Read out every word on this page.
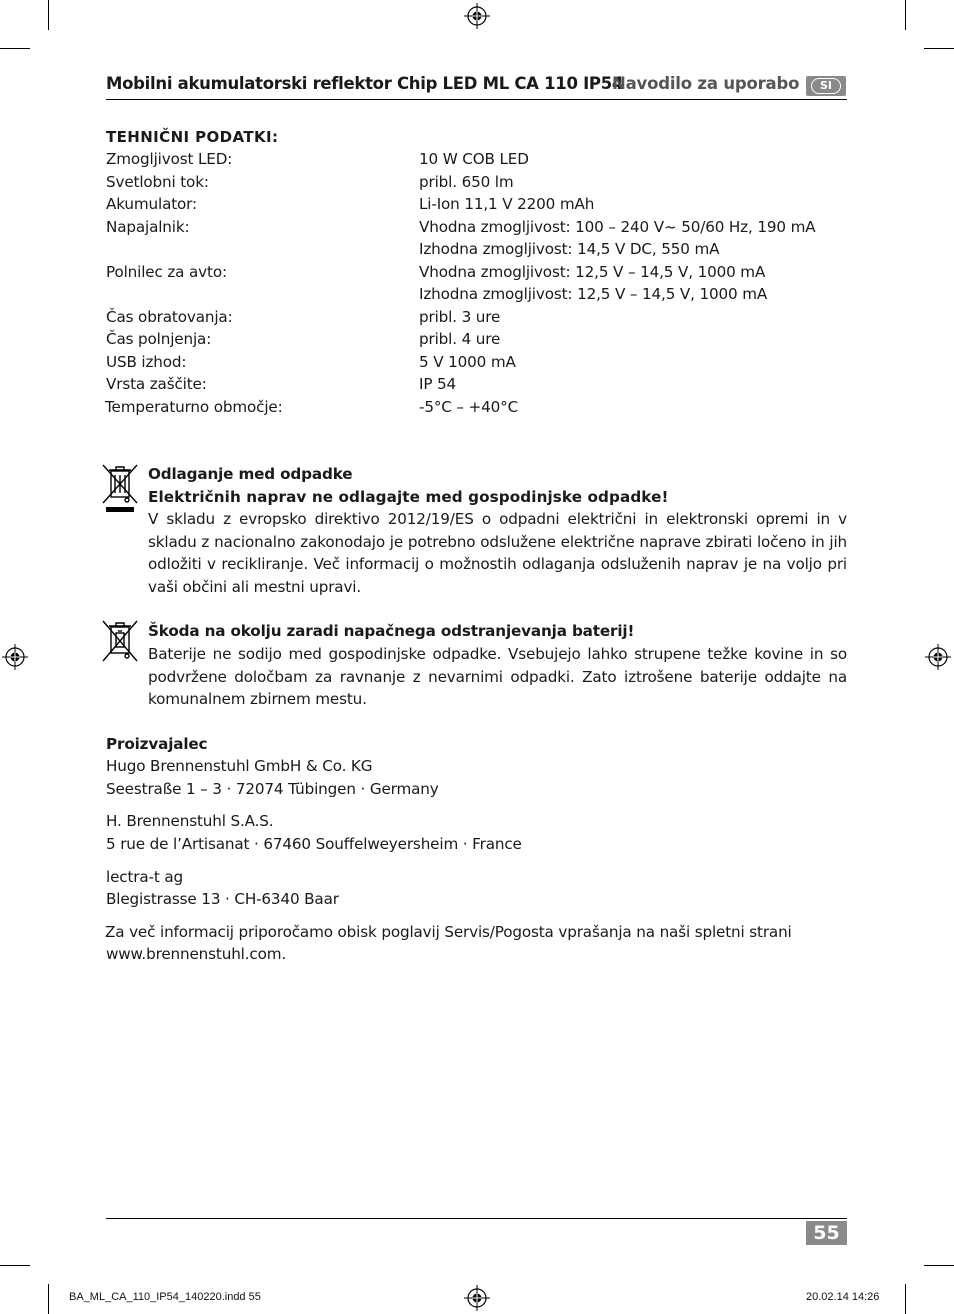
Mobilni akumulatorski reflektor Chip LED ML CA 110 IP54
Navodilo za uporabo	SI
TEHNIČNI PODATKI:
Zmogljivost LED:	10 W COB LED
Svetlobni tok:	pribl. 650 lm
Akumulator:	Li-Ion 11,1 V 2200 mAh
Napajalnik:	Vhodna zmogljivost: 100 – 240 V~ 50/60 Hz, 190 mA
Izhodna zmogljivost: 14,5 V DC, 550 mA
Polnilec za avto:	Vhodna zmogljivost: 12,5 V – 14,5 V, 1000 mA
Izhodna zmogljivost: 12,5 V – 14,5 V, 1000 mA
Čas obratovanja:	pribl. 3 ure
Čas polnjenja:	pribl. 4 ure
USB izhod:	5 V 1000 mA
Vrsta zaščite:	IP 54
Temperaturno območje:	-5°C – +40°C
Odlaganje med odpadke
Električnih naprav ne odlagajte med gospodinjske odpadke!
V skladu z evropsko direktivo 2012/19/ES o odpadni električni in elektronski opremi in v skladu z nacionalno zakonodajo je potrebno odslužene električne naprave zbirati ločeno in jih odložiti v recikliranje. Več informacij o možnostih odlaganja odsluženih naprav je na voljo pri vaši občini ali mestni upravi.
Škoda na okolju zaradi napačnega odstranjevanja baterij!
Baterije ne sodijo med gospodinjske odpadke. Vsebujejo lahko strupene težke kovine in so podvržene določbam za ravnanje z nevarnimi odpadki. Zato iztrošene baterije oddajte na komunalnem zbirnem mestu.
Proizvajalec
Hugo Brennenstuhl GmbH & Co. KG
Seestraße 1 – 3 · 72074 Tübingen · Germany
H. Brennenstuhl S.A.S.
5 rue de l’Artisanat · 67460 Souffelweyersheim · France
lectra-t ag
Blegistrasse 13 · CH-6340 Baar
Za več informacij priporočamo obisk poglavij Servis/Pogosta vprašanja na naši spletni strani
www.brennenstuhl.com.
55
BA_ML_CA_110_IP54_140220.indd 55	20.02.14 14:26
